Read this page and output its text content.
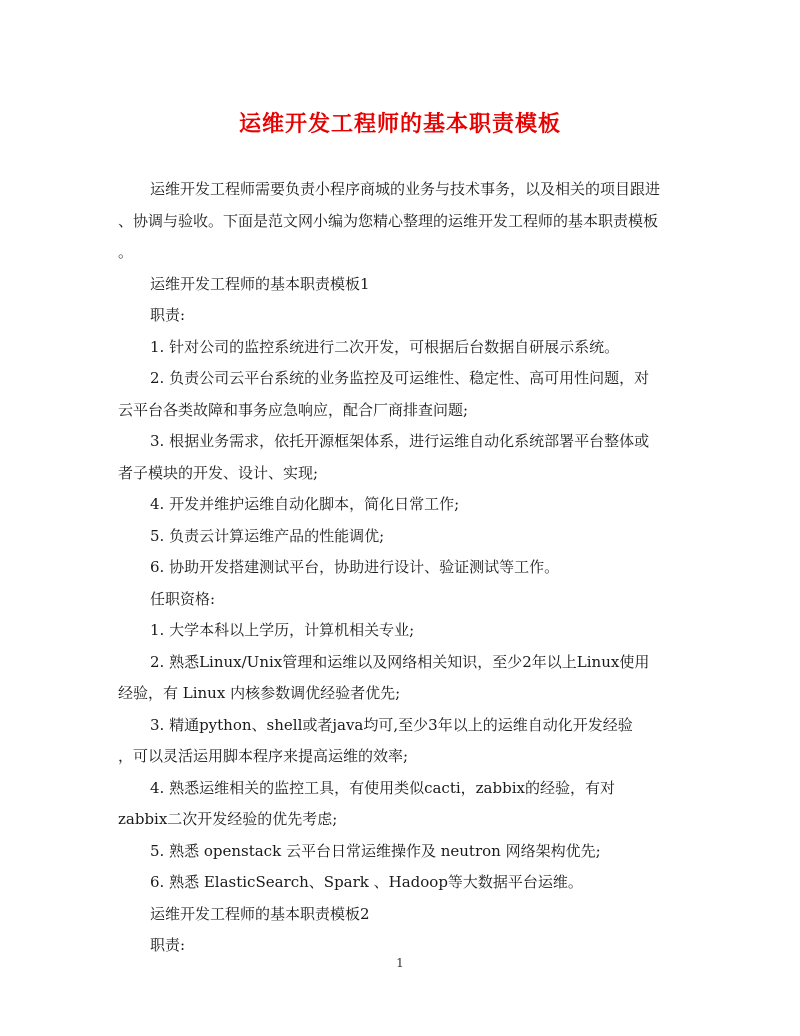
运维开发工程师的基本职责模板

运维开发工程师需要负责小程序商城的业务与技术事务，以及相关的项目跟进

、协调与验收。下面是范文网小编为您精心整理的运维开发工程师的基本职责模板

。

运维开发工程师的基本职责模板1

职责:

1. 针对公司的监控系统进行二次开发，可根据后台数据自研展示系统。

2. 负责公司云平台系统的业务监控及可运维性、稳定性、高可用性问题，对

云平台各类故障和事务应急响应，配合厂商排查问题;

3. 根据业务需求，依托开源框架体系，进行运维自动化系统部署平台整体或

者子模块的开发、设计、实现;

4. 开发并维护运维自动化脚本，简化日常工作;

5. 负责云计算运维产品的性能调优;

6. 协助开发搭建测试平台，协助进行设计、验证测试等工作。

任职资格:

1. 大学本科以上学历，计算机相关专业;

2. 熟悉Linux/Unix管理和运维以及网络相关知识，至少2年以上Linux使用

经验，有 Linux 内核参数调优经验者优先;

3. 精通python、shell或者java均可,至少3年以上的运维自动化开发经验

，可以灵活运用脚本程序来提高运维的效率;

4. 熟悉运维相关的监控工具，有使用类似cacti，zabbix的经验，有对

zabbix二次开发经验的优先考虑;

5. 熟悉 openstack 云平台日常运维操作及 neutron 网络架构优先;

6. 熟悉 ElasticSearch、Spark 、Hadoop等大数据平台运维。

运维开发工程师的基本职责模板2

职责:

1
